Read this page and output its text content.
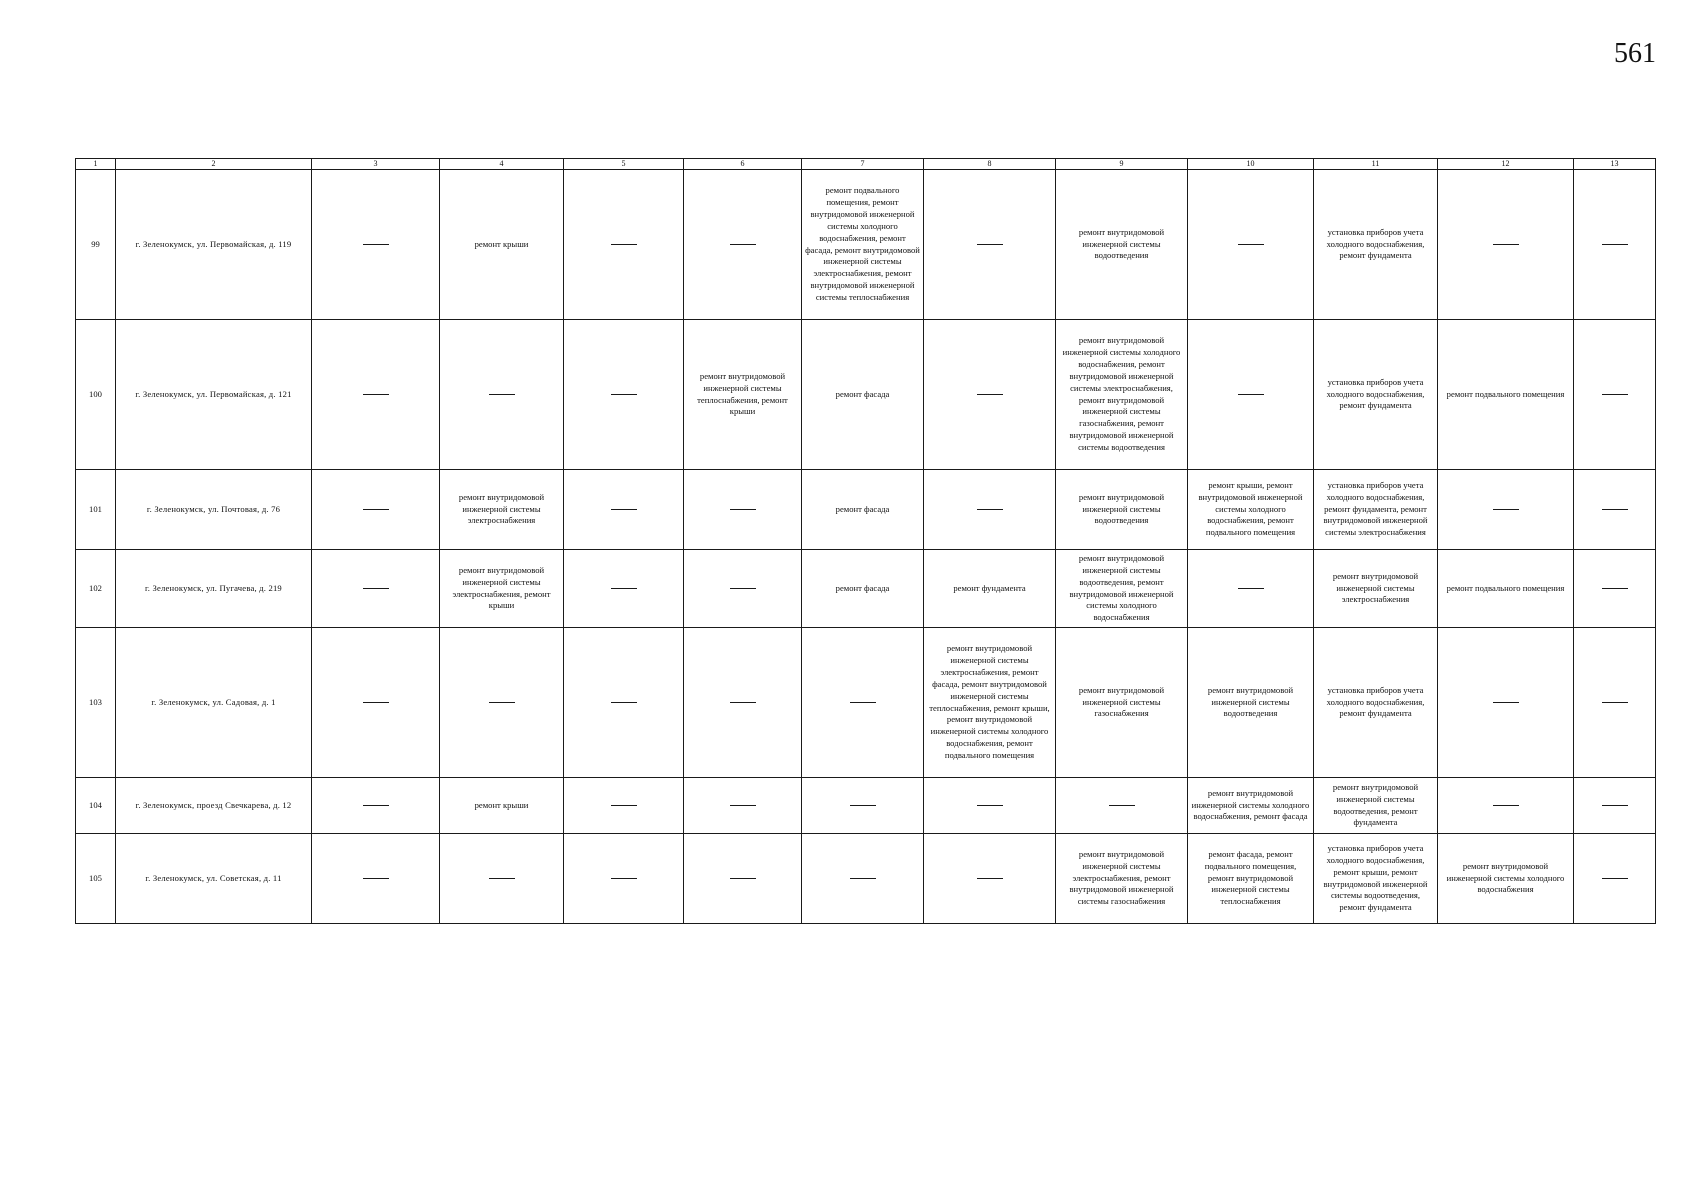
561
1	2	3	4	5	6	7	8	9	10	11	12	13
99	г. Зеленокумск, ул. Первомайская, д. 119		ремонт крыши			ремонт подвального помещения, ремонт внутридомовой инженерной системы холодного водоснабжения, ремонт фасада, ремонт внутридомовой инженерной системы электроснабжения, ремонт внутридомовой инженерной системы теплоснабжения		ремонт внутридомовой инженерной системы водоотведения		установка приборов учета холодного водоснабжения, ремонт фундамента		

100	г. Зеленокумск, ул. Первомайская, д. 121				ремонт внутридомовой инженерной системы теплоснабжения, ремонт крыши	ремонт фасада		ремонт внутридомовой инженерной системы холодного водоснабжения, ремонт внутридомовой инженерной системы электроснабжения, ремонт внутридомовой инженерной системы газоснабжения, ремонт внутридомовой инженерной системы водоотведения		установка приборов учета холодного водоснабжения, ремонт фундамента	ремонт подвального помещения	

101	г. Зеленокумск, ул. Почтовая, д. 76		ремонт внутридомовой инженерной системы электроснабжения			ремонт фасада		ремонт внутридомовой инженерной системы водоотведения	ремонт крыши, ремонт внутридомовой инженерной системы холодного водоснабжения, ремонт подвального помещения	установка приборов учета холодного водоснабжения, ремонт фундамента, ремонт внутридомовой инженерной системы электроснабжения		

102	г. Зеленокумск, ул. Пугачева, д. 219		ремонт внутридомовой инженерной системы электроснабжения, ремонт крыши			ремонт фасада	ремонт фундамента	ремонт внутридомовой инженерной системы водоотведения, ремонт внутридомовой инженерной системы холодного водоснабжения		ремонт внутридомовой инженерной системы электроснабжения	ремонт подвального помещения	

103	г. Зеленокумск, ул. Садовая, д. 1						ремонт внутридомовой инженерной системы электроснабжения, ремонт фасада, ремонт внутридомовой инженерной системы теплоснабжения, ремонт крыши, ремонт внутридомовой инженерной системы холодного водоснабжения, ремонт подвального помещения	ремонт внутридомовой инженерной системы газоснабжения	ремонт внутридомовой инженерной системы водоотведения	установка приборов учета холодного водоснабжения, ремонт фундамента		

104	г. Зеленокумск, проезд Свечкарева, д. 12		ремонт крыши						ремонт внутридомовой инженерной системы холодного водоснабжения, ремонт фасада	ремонт внутридомовой инженерной системы водоотведения, ремонт фундамента		

105	г. Зеленокумск, ул. Советская, д. 11							ремонт внутридомовой инженерной системы электроснабжения, ремонт внутридомовой инженерной системы газоснабжения	ремонт фасада, ремонт подвального помещения, ремонт внутридомовой инженерной системы теплоснабжения	установка приборов учета холодного водоснабжения, ремонт крыши, ремонт внутридомовой инженерной системы водоотведения, ремонт фундамента	ремонт внутридомовой инженерной системы холодного водоснабжения	
